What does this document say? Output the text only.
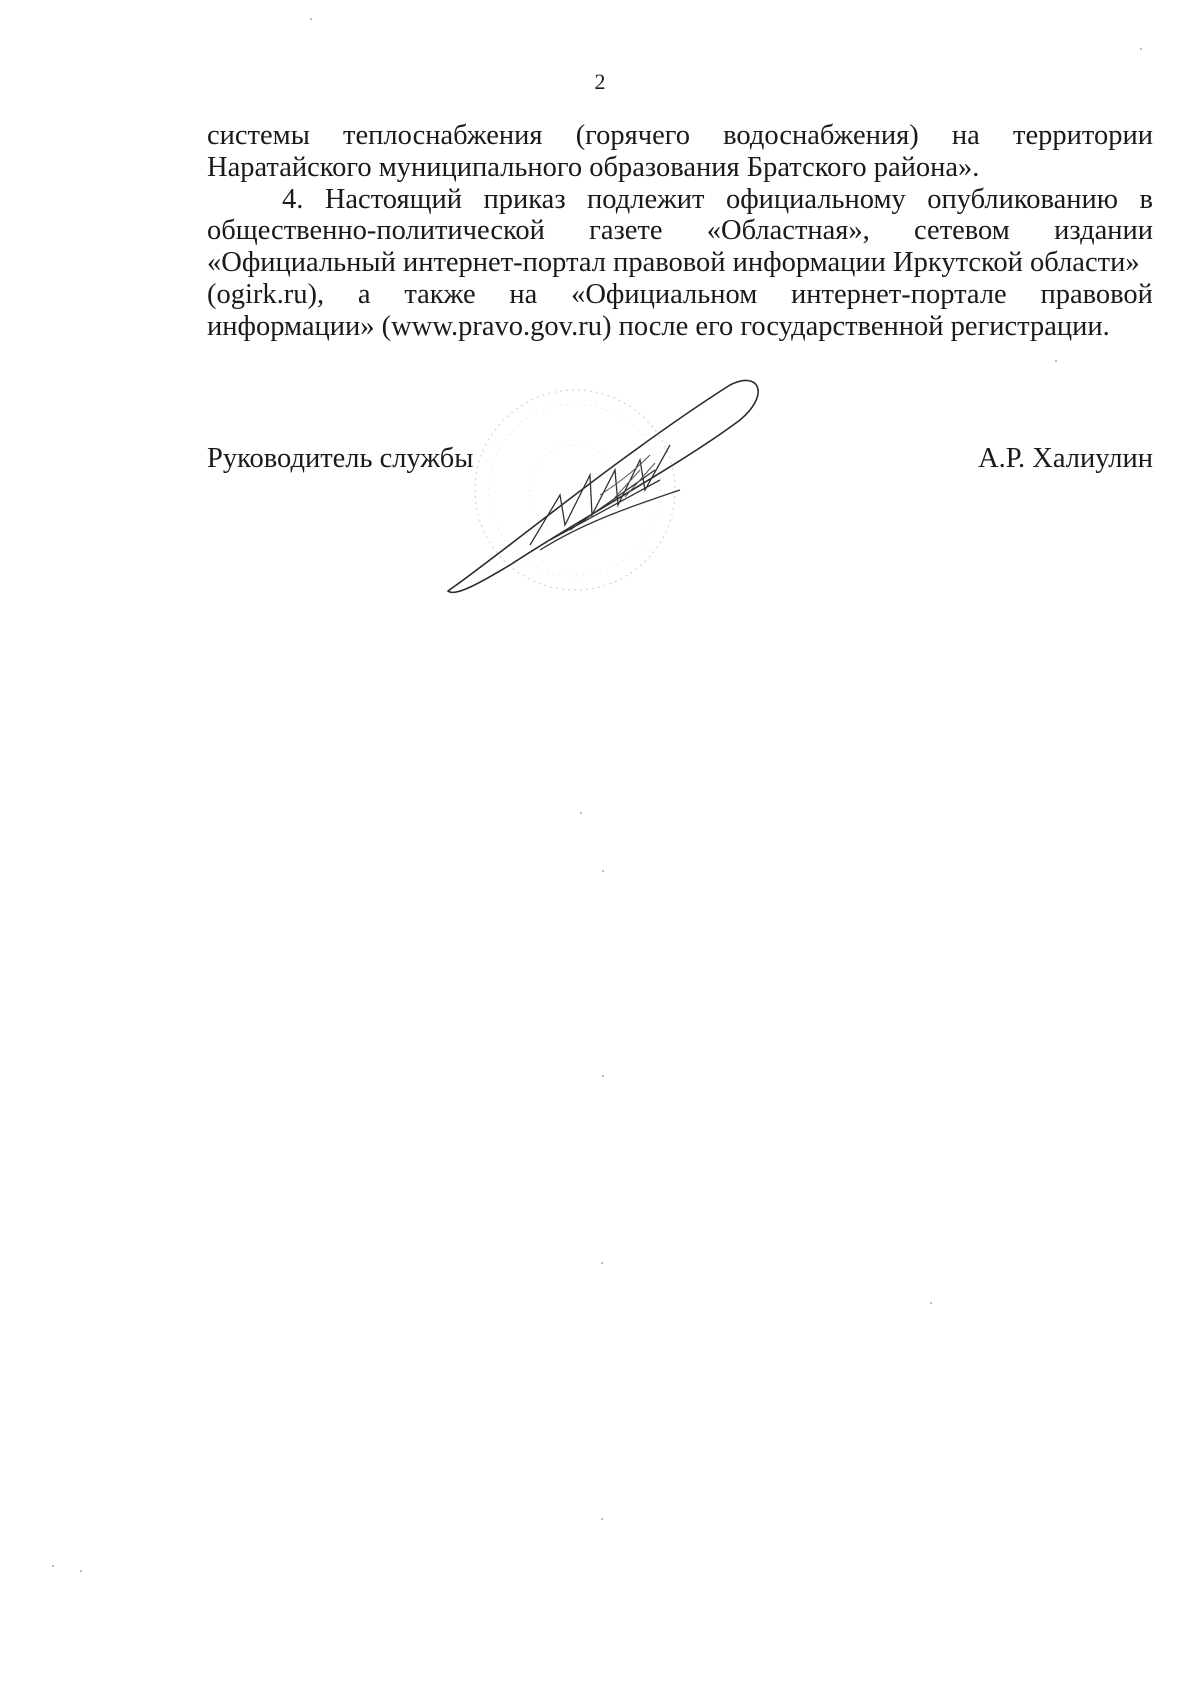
2
системы теплоснабжения (горячего водоснабжения) на территории
Наратайского муниципального образования Братского района».
4. Настоящий приказ подлежит официальному опубликованию в
общественно-политической газете «Областная», сетевом издании
«Официальный интернет-портал правовой информации Иркутской области»
(ogirk.ru), а также на «Официальном интернет-портале правовой
информации» (www.pravo.gov.ru) после его государственной регистрации.
Руководитель службы	А.Р. Халиулин
